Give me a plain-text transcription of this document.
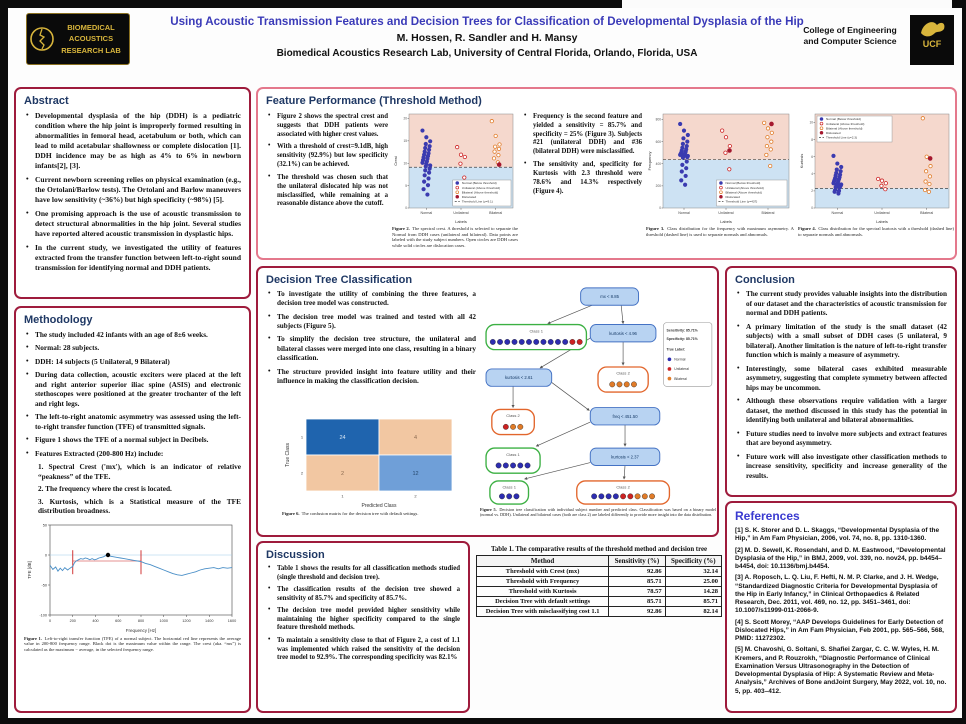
BIOMEDICAL
ACOUSTICS
RESEARCH LAB
Using Acoustic Transmission Features and Decision Trees for Classification of Developmental Dysplasia of the Hip
M. Hossen, R. Sandler and H. Mansy
Biomedical Acoustics Research Lab, University of Central Florida, Orlando, Florida, USA
College of Engineering
and Computer Science	UCF
Abstract
• Developmental dysplasia of the hip (DDH) is a pediatric condition where the hip joint is improperly formed resulting in abnormalities in femoral head, acetabulum or both, which can lead to mild acetabular shallowness or complete dislocation [1]. DDH incidence may be as high as 4% to 6% in newborn infants[2], [3].
• Current newborn screening relies on physical examination (e.g., the Ortolani/Barlow tests). The Ortolani and Barlow maneuvers have low sensitivity (~36%) but high specificity (~98%) [5].
• One promising approach is the use of acoustic transmission to detect structural abnormalities in the hip joint. Several studies have reported altered acoustic transmission in dysplastic hips.
• In the current study, we investigated the utility of features extracted from the transfer function between left-to-right sound transmission for identifying normal and DDH patients.
Methodology
• The study included 42 infants with an age of 8±6 weeks.
• Normal: 28 subjects.
• DDH: 14 subjects (5 Unilateral, 9 Bilateral)
• During data collection, acoustic exciters were placed at the left and right anterior superior iliac spine (ASIS) and electronic stethoscopes were positioned at the greater trochanter of the left and right legs.
• The left-to-right anatomic asymmetry was assessed using the left-to-right transfer function (TFE) of transmitted signals.
• Figure 1 shows the TFE of a normal subject in Decibels.
• Features Extracted (200-800 Hz) include:

1. Spectral Crest ('mx'), which is an indicator of relative “peakness” of the TFE.

2. The frequency where the crest is located.

3. Kurtosis, which is a Statistical measure of the TFE distribution broadness.

0	200	400	600	800	1000	1200	1400	1600
50
0
-50
-100
Frequency [Hz]
TFE [dB]
Figure 1. Left-to-right transfer function (TFE) of a normal subject. The horizontal red line represents the average value in 200-800 frequency range. Black dot is the maximum value within the range. The crest (aka. “mx”) is calculated as the maximum − average, in the selected frequency range.
Feature Performance (Threshold Method)
• Figure 2 shows the spectral crest and suggests that DDH patients were associated with higher crest values.
• With a threshold of crest=9.1dB, high sensitivity (92.9%) but low specificity (32.1%) can be achieved.
• The threshold was chosen such that the unilateral dislocated hip was not misclassified, while remaining at a reasonable distance above the cutoff.
0
5
10
15
20
Normal	Unilateral	Bilateral
Labels
Crest
Normal (Below threshold)
Unilateral (Above threshold)
Bilateral (Above threshold)
Dislocated
Threshold Line (y=9.1)
Figure 2. The spectral crest. A threshold is selected to separate the Normal from DDH cases (unilateral and bilateral). Data points are labeled with the study subject numbers. Open circles are DDH cases while solid circles are dislocation cases.
• Frequency is the second feature and yielded a sensitivity = 85.7% and specificity = 25% (Figure 3). Subjects #21 (unilateral DDH) and #36 (bilateral DDH) were misclassified.
• The sensitivity and, specificity for Kurtosis with 2.3 threshold were 78.6% and 14.3% respectively (Figure 4).
0
200
400
600
800
Normal	Unilateral	Bilateral
Labels
Frequency
Normal (Below threshold)
Unilateral (Above threshold)
Bilateral (Above threshold)
Dislocated
Threshold Line (y=437)
Figure 3. Class distribution for the frequency with maximum asymmetry. A threshold (dashed line) is used to separate normals and abnormals.
0
2
4
6
8
10
Normal	Unilateral	Bilateral
Labels
Kurtosis
Normal (Below threshold)
Unilateral (Above threshold)
Bilateral (Above threshold)
Dislocated
Threshold Line (y=2.3)
Figure 4. Class distribution for the spectral kurtosis with a threshold (dashed line) to separate normals and abnormals.
Decision Tree Classification
• To investigate the utility of combining the three features, a decision tree model was constructed.
• The decision tree model was trained and tested with all 42 subjects (Figure 5).
• To simplify the decision tree structure, the unilateral and bilateral classes were merged into one class, resulting in a binary classification.
• The structure provided insight into feature utility and their influence in making the classification decision.
24	4
2	12
1	2
1
2
Predicted Class
True Class
Figure 6. The confusion matrix for the decision tree with default settings.
mx < 8.85
kurtosis < 4.96
kurtosis < 2.61
freq < 451.50
kurtosis < 2.37
Class 1
Class 2
Class 2
Class 1
Class 1	Class 2
Sensitivity: 85.71%
Specificity: 85.71%
True Label:
Normal
Unilateral
Bilateral
Figure 5. Decision tree classification with individual subject number and predicted class. Classification was based on a binary model (normal vs. DDH). Unilateral and bilateral cases (both are class 2) are labeled differently to provide more insight into the data distribution.
Discussion
• Table 1 shows the results for all classification methods studied (single threshold and decision tree).
• The classification results of the decision tree showed a sensitivity of 85.7% and specificity of 85.7%.
• The decision tree model provided higher sensitivity while maintaining the higher specificity compared to the single feature threshold methods.
• To maintain a sensitivity close to that of Figure 2, a cost of 1.1 was implemented which raised the sensitivity of the decision tree model to 92.9%. The corresponding specificity was 82.1%
Table 1. The comparative results of the threshold method and decision tree
Method	Sensitivity (%)	Specificity (%)
Threshold with Crest (mx)	92.86	32.14
Threshold with Frequency	85.71	25.00
Threshold with Kurtosis	78.57	14.28
Decision Tree with default settings	85.71	85.71
Decision Tree with misclassifying cost 1.1	92.86	82.14
Conclusion
• The current study provides valuable insights into the distribution of our dataset and the characteristics of acoustic transmission for normal and DDH patients.
• A primary limitation of the study is the small dataset (42 subjects) with a small subset of DDH cases (5 unilateral, 9 bilateral). Another limitation is the nature of left-to-right transfer function which is mainly a measure of asymmetry.
• Interestingly, some bilateral cases exhibited measurable asymmetry, suggesting that complete symmetry between affected hips may be uncommon.
• Although these observations require validation with a larger dataset, the method discussed in this study has the potential in identifying both unilateral and bilateral abnormalities.
• Future studies need to involve more subjects and extract features that are beyond asymmetry.
• Future work will also investigate other classification methods to increase sensitivity, specificity and increase generality of the results.
References

[1] S. K. Storer and D. L. Skaggs, “Developmental Dysplasia of the Hip,” in Am Fam Physician, 2006, vol. 74, no. 8, pp. 1310-1360.

[2] M. D. Sewell, K. Rosendahl, and D. M. Eastwood, “Developmental Dysplasia of the Hip,” in BMJ, 2009, vol. 339, no. nov24, pp. b4454–b4454, doi: 10.1136/bmj.b4454.

[3] A. Roposch, L. Q. Liu, F. Hefti, N. M. P. Clarke, and J. H. Wedge, “Standardized Diagnostic Criteria for Developmental Dysplasia of the Hip in Early Infancy,” in Clinical Orthopaedics & Related Research, Dec. 2011, vol. 469, no. 12, pp. 3451–3461, doi: 10.1007/s11999-011-2066-9.

[4] S. Scott Morey, “AAP Develops Guidelines for Early Detection of Dislocated Hips,” in Am Fam Physician, Feb 2001, pp. 565–566, 568, PMID: 11272302.

[5] M. Chavoshi, G. Soltani, S. Shafiei Zargar, C. C. W. Wyles, H. M. Kremers, and P. Rouzrokh, “Diagnostic Performance of Clinical Examination Versus Ultrasonography in the Detection of Developmental Dysplasia of Hip: A Systematic Review and Meta-Analysis,” Archives of Bone andJoint Surgery, May 2022, vol. 10, no. 5, pp. 403–412.
